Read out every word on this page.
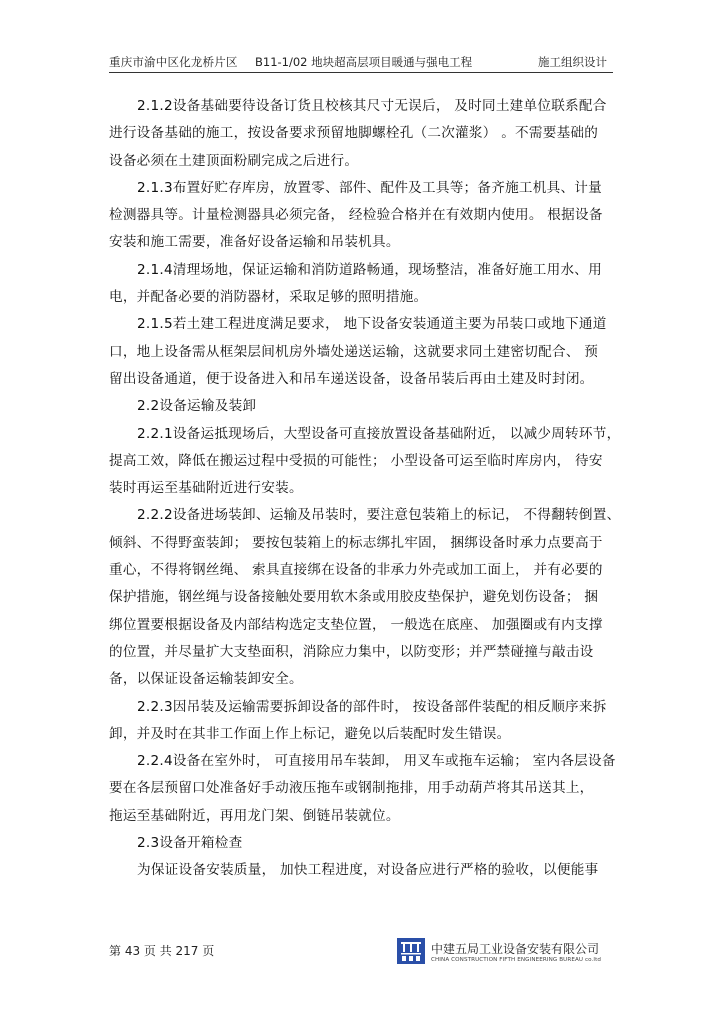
重庆市渝中区化龙桥片区 B11-1/02 地块超高层项目暖通与强电工程	施工组织设计
2.1.2设备基础要待设备订货且校核其尺寸无误后， 及时同土建单位联系配合
进行设备基础的施工，按设备要求预留地脚螺栓孔（二次灌浆） 。不需要基础的
设备必须在土建顶面粉刷完成之后进行。
2.1.3布置好贮存库房，放置零、部件、配件及工具等；备齐施工机具、计量
检测器具等。计量检测器具必须完备， 经检验合格并在有效期内使用。 根据设备
安装和施工需要，准备好设备运输和吊装机具。
2.1.4清理场地，保证运输和消防道路畅通，现场整洁，准备好施工用水、用
电，并配备必要的消防器材，采取足够的照明措施。
2.1.5若土建工程进度满足要求， 地下设备安装通道主要为吊装口或地下通道
口，地上设备需从框架层间机房外墙处递送运输，这就要求同土建密切配合、 预
留出设备通道，便于设备进入和吊车递送设备，设备吊装后再由土建及时封闭。
2.2设备运输及装卸
2.2.1设备运抵现场后，大型设备可直接放置设备基础附近， 以减少周转环节，
提高工效，降低在搬运过程中受损的可能性； 小型设备可运至临时库房内， 待安
装时再运至基础附近进行安装。
2.2.2设备进场装卸、运输及吊装时，要注意包装箱上的标记， 不得翻转倒置、
倾斜、不得野蛮装卸； 要按包装箱上的标志绑扎牢固， 捆绑设备时承力点要高于
重心，不得将钢丝绳、 索具直接绑在设备的非承力外壳或加工面上， 并有必要的
保护措施，钢丝绳与设备接触处要用软木条或用胶皮垫保护，避免划伤设备； 捆
绑位置要根据设备及内部结构选定支垫位置， 一般选在底座、 加强圈或有内支撑
的位置，并尽量扩大支垫面积，消除应力集中，以防变形；并严禁碰撞与敲击设
备，以保证设备运输装卸安全。
2.2.3因吊装及运输需要拆卸设备的部件时， 按设备部件装配的相反顺序来拆
卸，并及时在其非工作面上作上标记，避免以后装配时发生错误。
2.2.4设备在室外时， 可直接用吊车装卸， 用叉车或拖车运输； 室内各层设备
要在各层预留口处准备好手动液压拖车或钢制拖排，用手动葫芦将其吊送其上，
拖运至基础附近，再用龙门架、倒链吊装就位。
2.3设备开箱检查
为保证设备安装质量， 加快工程进度，对设备应进行严格的验收，以便能事
第 43 页 共 217 页	中建五局工业设备安装有限公司
CHINA CONSTRUCTION FIFTH ENGINEERING BUREAU co.ltd
